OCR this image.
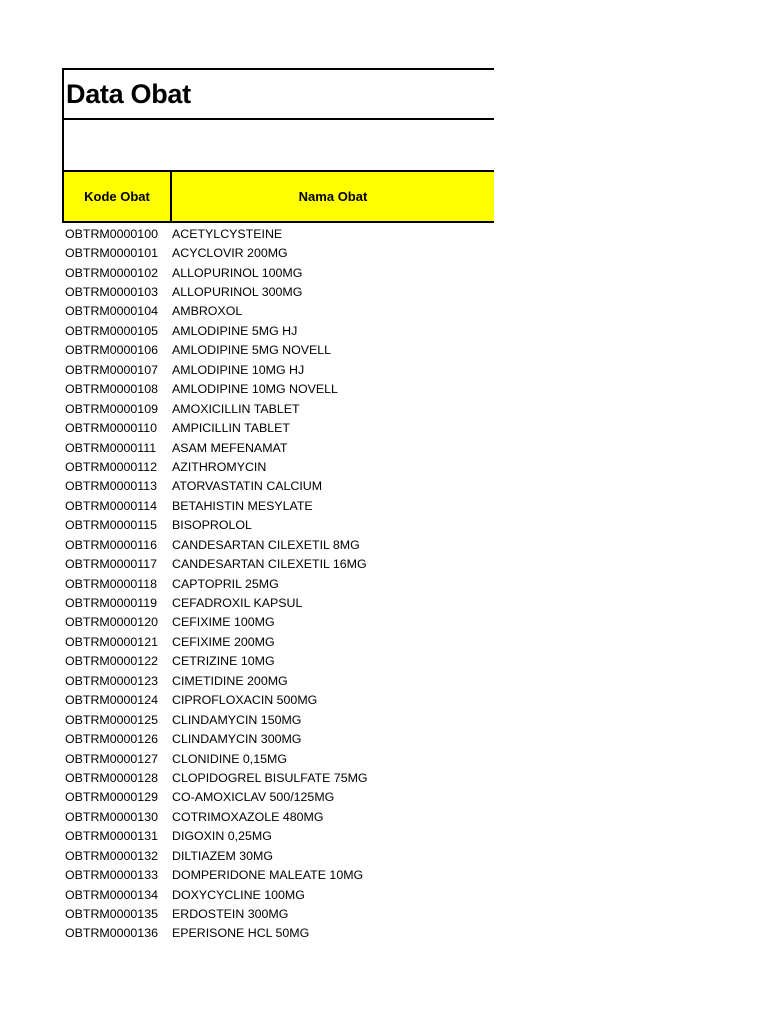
Data Obat
Kode Obat	Nama Obat
OBTRM0000100	ACETYLCYSTEINE
OBTRM0000101	ACYCLOVIR 200MG
OBTRM0000102	ALLOPURINOL 100MG
OBTRM0000103	ALLOPURINOL 300MG
OBTRM0000104	AMBROXOL
OBTRM0000105	AMLODIPINE 5MG HJ
OBTRM0000106	AMLODIPINE 5MG NOVELL
OBTRM0000107	AMLODIPINE 10MG HJ
OBTRM0000108	AMLODIPINE 10MG NOVELL
OBTRM0000109	AMOXICILLIN TABLET
OBTRM0000110	AMPICILLIN TABLET
OBTRM0000111	ASAM MEFENAMAT
OBTRM0000112	AZITHROMYCIN
OBTRM0000113	ATORVASTATIN CALCIUM
OBTRM0000114	BETAHISTIN MESYLATE
OBTRM0000115	BISOPROLOL
OBTRM0000116	CANDESARTAN CILEXETIL 8MG
OBTRM0000117	CANDESARTAN CILEXETIL 16MG
OBTRM0000118	CAPTOPRIL 25MG
OBTRM0000119	CEFADROXIL KAPSUL
OBTRM0000120	CEFIXIME 100MG
OBTRM0000121	CEFIXIME 200MG
OBTRM0000122	CETRIZINE 10MG
OBTRM0000123	CIMETIDINE 200MG
OBTRM0000124	CIPROFLOXACIN 500MG
OBTRM0000125	CLINDAMYCIN 150MG
OBTRM0000126	CLINDAMYCIN 300MG
OBTRM0000127	CLONIDINE 0,15MG
OBTRM0000128	CLOPIDOGREL BISULFATE 75MG
OBTRM0000129	CO-AMOXICLAV 500/125MG
OBTRM0000130	COTRIMOXAZOLE 480MG
OBTRM0000131	DIGOXIN 0,25MG
OBTRM0000132	DILTIAZEM 30MG
OBTRM0000133	DOMPERIDONE MALEATE 10MG
OBTRM0000134	DOXYCYCLINE 100MG
OBTRM0000135	ERDOSTEIN 300MG
OBTRM0000136	EPERISONE HCL 50MG
